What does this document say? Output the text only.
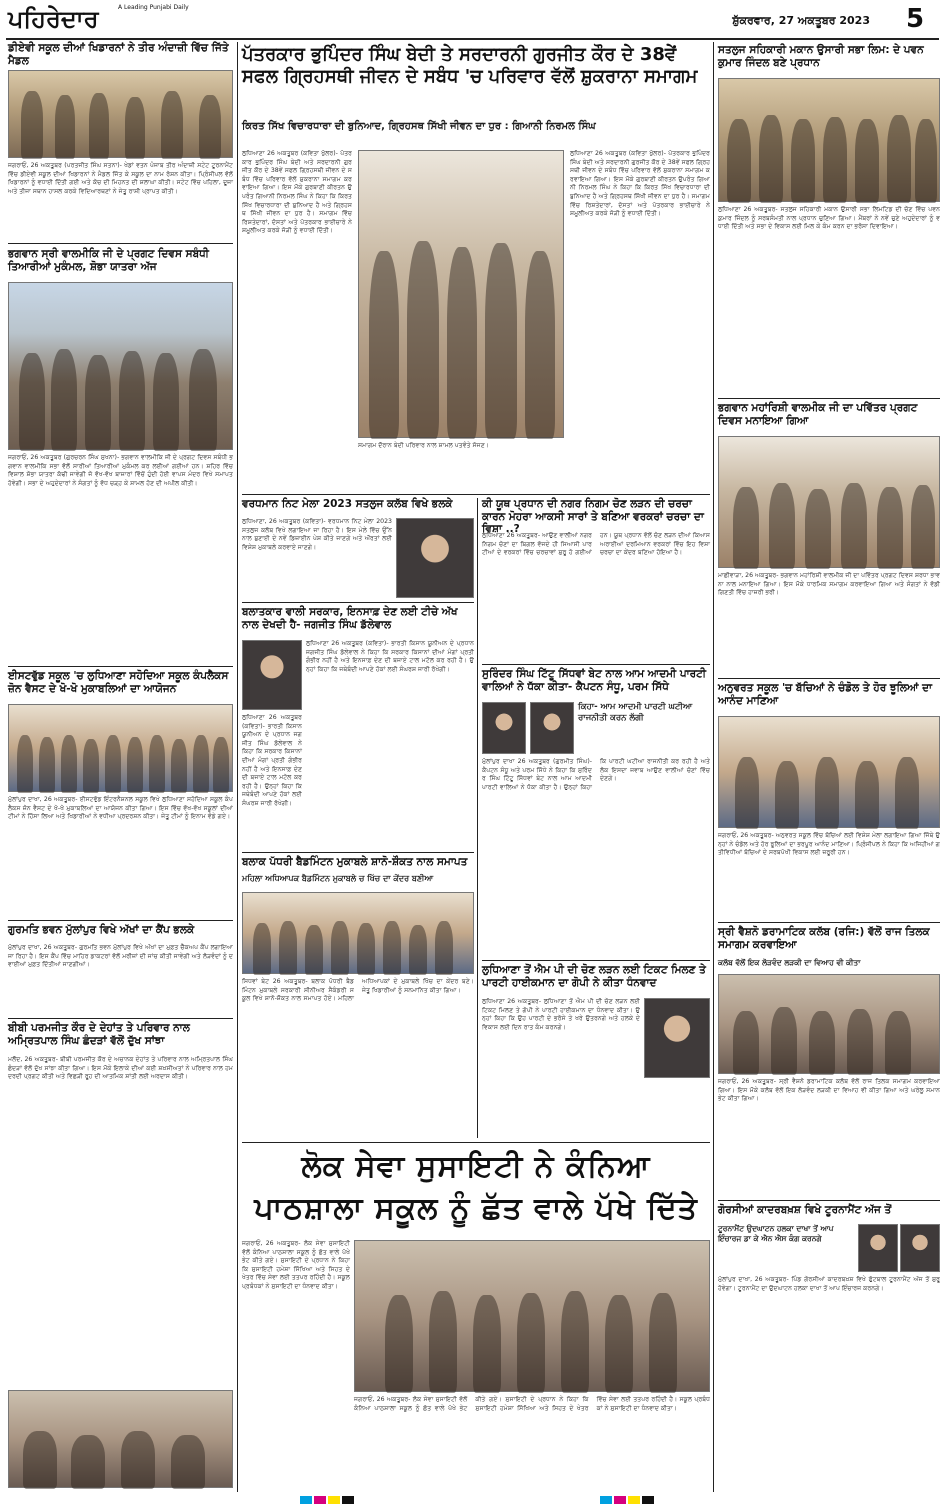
ਪਹਿਰੇਦਾਰ	A Leading Punjabi Daily
ਸ਼ੁੱਕਰਵਾਰ, 27 ਅਕਤੂਬਰ 2023	5
ਡੀਏਵੀ ਸਕੂਲ ਦੀਆਂ ਖਿਡਾਰਨਾਂ ਨੇ ਤੀਰ ਅੰਦਾਜ਼ੀ ਵਿੱਚ ਜਿੱਤੇ ਮੈਡਲ
ਜਗਰਾਓਂ, 26 ਅਕਤੂਬਰ (ਪਰਤਜੀਤ ਸਿੰਘ ਸਤਨਾ)- ਖੇਡਾਂ ਵਤਨ ਪੰਜਾਬ ਤੀਰ ਅੰਦਾਜ਼ੀ ਸਟੇਟ ਟੂਰਨਾਮੈਂਟ ਵਿੱਚ ਡੀਏਵੀ ਸਕੂਲ ਦੀਆਂ ਖਿਡਾਰਨਾਂ ਨੇ ਮੈਡਲ ਜਿੱਤ ਕੇ ਸਕੂਲ ਦਾ ਨਾਮ ਰੋਸ਼ਨ ਕੀਤਾ। ਪ੍ਰਿੰਸੀਪਲ ਵੱਲੋਂ ਖਿਡਾਰਨਾਂ ਨੂੰ ਵਧਾਈ ਦਿੱਤੀ ਗਈ ਅਤੇ ਕੋਚ ਦੀ ਮਿਹਨਤ ਦੀ ਸ਼ਲਾਘਾ ਕੀਤੀ। ਸਟੇਟ ਵਿੱਚ ਪਹਿਲਾ, ਦੂਜਾ ਅਤੇ ਤੀਜਾ ਸਥਾਨ ਹਾਸਲ ਕਰਕੇ ਵਿਦਿਆਰਥਣਾਂ ਨੇ ਜੇਤੂ ਰਾਸ਼ੀ ਪ੍ਰਾਪਤ ਕੀਤੀ।
ਭਗਵਾਨ ਸ੍ਰੀ ਵਾਲਮੀਕਿ ਜੀ ਦੇ ਪ੍ਰਗਟ ਦਿਵਸ ਸਬੰਧੀ ਤਿਆਰੀਆਂ ਮੁਕੰਮਲ, ਸ਼ੋਭਾ ਯਾਤਰਾ ਅੱਜ
ਜਗਰਾਓਂ, 26 ਅਕਤੂਬਰ (ਗੁਰਚਰਨ ਸਿੰਘ ਸੁਖਨਾ)- ਭਗਵਾਨ ਵਾਲਮੀਕਿ ਜੀ ਦੇ ਪ੍ਰਗਟ ਦਿਵਸ ਸਬੰਧੀ ਭਗਵਾਨ ਵਾਲਮੀਕਿ ਸਭਾ ਵੱਲੋਂ ਸਾਰੀਆਂ ਤਿਆਰੀਆਂ ਮੁਕੰਮਲ ਕਰ ਲਈਆਂ ਗਈਆਂ ਹਨ। ਸ਼ਹਿਰ ਵਿੱਚ ਵਿਸ਼ਾਲ ਸ਼ੋਭਾ ਯਾਤਰਾ ਕੱਢੀ ਜਾਵੇਗੀ ਜੋ ਵੱਖ-ਵੱਖ ਬਾਜ਼ਾਰਾਂ ਵਿੱਚੋਂ ਹੁੰਦੀ ਹੋਈ ਵਾਪਸ ਮੰਦਰ ਵਿਖੇ ਸਮਾਪਤ ਹੋਵੇਗੀ। ਸਭਾ ਦੇ ਅਹੁਦੇਦਾਰਾਂ ਨੇ ਸੰਗਤਾਂ ਨੂੰ ਵੱਧ ਚੜ੍ਹ ਕੇ ਸ਼ਾਮਲ ਹੋਣ ਦੀ ਅਪੀਲ ਕੀਤੀ।
ਈਸਟਵੁੱਡ ਸਕੂਲ 'ਚ ਲੁਧਿਆਣਾ ਸਹੋਦਿਆ ਸਕੂਲ ਕੰਪਲੈਕਸ ਜ਼ੋਨ ਵੈਸਟ ਦੇ ਖੋ-ਖੋ ਮੁਕਾਬਲਿਆਂ ਦਾ ਆਯੋਜਨ
ਮੁੱਲਾਂਪੁਰ ਦਾਖਾ, 26 ਅਕਤੂਬਰ- ਈਸਟਵੁੱਡ ਇੰਟਰਨੈਸ਼ਨਲ ਸਕੂਲ ਵਿਖੇ ਲੁਧਿਆਣਾ ਸਹੋਦਿਆ ਸਕੂਲ ਕੰਪਲੈਕਸ ਜ਼ੋਨ ਵੈਸਟ ਦੇ ਖੋ-ਖੋ ਮੁਕਾਬਲਿਆਂ ਦਾ ਆਯੋਜਨ ਕੀਤਾ ਗਿਆ। ਇਸ ਵਿੱਚ ਵੱਖ-ਵੱਖ ਸਕੂਲਾਂ ਦੀਆਂ ਟੀਮਾਂ ਨੇ ਹਿੱਸਾ ਲਿਆ ਅਤੇ ਖਿਡਾਰੀਆਂ ਨੇ ਵਧੀਆ ਪ੍ਰਦਰਸ਼ਨ ਕੀਤਾ। ਜੇਤੂ ਟੀਮਾਂ ਨੂੰ ਇਨਾਮ ਵੰਡੇ ਗਏ।
ਗੁਰਮਤਿ ਭਵਨ ਮੁੱਲਾਂਪੁਰ ਵਿਖੇ ਅੱਖਾਂ ਦਾ ਕੈਂਪ ਭਲਕੇ
ਮੁੱਲਾਂਪੁਰ ਦਾਖਾ, 26 ਅਕਤੂਬਰ- ਗੁਰਮਤਿ ਭਵਨ ਮੁੱਲਾਂਪੁਰ ਵਿਖੇ ਅੱਖਾਂ ਦਾ ਮੁਫ਼ਤ ਚੈੱਕਅਪ ਕੈਂਪ ਲਗਾਇਆ ਜਾ ਰਿਹਾ ਹੈ। ਇਸ ਕੈਂਪ ਵਿੱਚ ਮਾਹਿਰ ਡਾਕਟਰਾਂ ਵੱਲੋਂ ਮਰੀਜ਼ਾਂ ਦੀ ਜਾਂਚ ਕੀਤੀ ਜਾਵੇਗੀ ਅਤੇ ਲੋੜਵੰਦਾਂ ਨੂੰ ਦਵਾਈਆਂ ਮੁਫ਼ਤ ਦਿੱਤੀਆਂ ਜਾਣਗੀਆਂ।
ਬੀਬੀ ਪਰਮਜੀਤ ਕੌਰ ਦੇ ਦੇਹਾਂਤ ਤੇ ਪਰਿਵਾਰ ਨਾਲ ਅਮ੍ਰਿਤਪਾਲ ਸਿੰਘ ਛੰਦੜਾਂ ਵੱਲੋਂ ਦੁੱਖ ਸਾਂਝਾ
ਮਲੌਦ, 26 ਅਕਤੂਬਰ- ਬੀਬੀ ਪਰਮਜੀਤ ਕੌਰ ਦੇ ਅਚਾਨਕ ਦੇਹਾਂਤ ਤੇ ਪਰਿਵਾਰ ਨਾਲ ਅਮ੍ਰਿਤਪਾਲ ਸਿੰਘ ਛੰਦੜਾਂ ਵੱਲੋਂ ਦੁੱਖ ਸਾਂਝਾ ਕੀਤਾ ਗਿਆ। ਇਸ ਮੌਕੇ ਇਲਾਕੇ ਦੀਆਂ ਕਈ ਸ਼ਖ਼ਸੀਅਤਾਂ ਨੇ ਪਰਿਵਾਰ ਨਾਲ ਹਮਦਰਦੀ ਪ੍ਰਗਟ ਕੀਤੀ ਅਤੇ ਵਿਛੜੀ ਰੂਹ ਦੀ ਆਤਮਿਕ ਸ਼ਾਂਤੀ ਲਈ ਅਰਦਾਸ ਕੀਤੀ।
ਪੱਤਰਕਾਰ ਭੁਪਿੰਦਰ ਸਿੰਘ ਬੇਦੀ ਤੇ ਸਰਦਾਰਨੀ ਗੁਰਜੀਤ ਕੌਰ ਦੇ 38ਵੇਂ ਸਫਲ ਗ੍ਰਿਹਸਥੀ ਜੀਵਨ ਦੇ ਸਬੰਧ 'ਚ ਪਰਿਵਾਰ ਵੱਲੋਂ ਸ਼ੁਕਰਾਨਾ ਸਮਾਗਮ
ਕਿਰਤ ਸਿੱਖ ਵਿਚਾਰਧਾਰਾ ਦੀ ਬੁਨਿਆਦ, ਗ੍ਰਿਹਸਥ ਸਿੱਖੀ ਜੀਵਨ ਦਾ ਧੁਰ : ਗਿਆਨੀ ਨਿਰਮਲ ਸਿੰਘ
ਲੁਧਿਆਣਾ 26 ਅਕਤੂਬਰ (ਕਵਿਤਾ ਖੁੱਲਰ)- ਪੱਤਰਕਾਰ ਭੁਪਿੰਦਰ ਸਿੰਘ ਬੇਦੀ ਅਤੇ ਸਰਦਾਰਨੀ ਗੁਰਜੀਤ ਕੌਰ ਦੇ 38ਵੇਂ ਸਫਲ ਗ੍ਰਿਹਸਥੀ ਜੀਵਨ ਦੇ ਸਬੰਧ ਵਿੱਚ ਪਰਿਵਾਰ ਵੱਲੋਂ ਸ਼ੁਕਰਾਨਾ ਸਮਾਗਮ ਕਰਵਾਇਆ ਗਿਆ। ਇਸ ਮੌਕੇ ਗੁਰਬਾਣੀ ਕੀਰਤਨ ਉਪਰੰਤ ਗਿਆਨੀ ਨਿਰਮਲ ਸਿੰਘ ਨੇ ਕਿਹਾ ਕਿ ਕਿਰਤ ਸਿੱਖ ਵਿਚਾਰਧਾਰਾ ਦੀ ਬੁਨਿਆਦ ਹੈ ਅਤੇ ਗ੍ਰਿਹਸਥ ਸਿੱਖੀ ਜੀਵਨ ਦਾ ਧੁਰ ਹੈ। ਸਮਾਗਮ ਵਿੱਚ ਰਿਸ਼ਤੇਦਾਰਾਂ, ਦੋਸਤਾਂ ਅਤੇ ਪੱਤਰਕਾਰ ਭਾਈਚਾਰੇ ਨੇ ਸ਼ਮੂਲੀਅਤ ਕਰਕੇ ਜੋੜੀ ਨੂੰ ਵਧਾਈ ਦਿੱਤੀ।
ਸਮਾਗਮ ਦੌਰਾਨ ਬੇਦੀ ਪਰਿਵਾਰ ਨਾਲ ਸ਼ਾਮਲ ਪਤਵੰਤੇ ਸੱਜਣ।
ਲੁਧਿਆਣਾ 26 ਅਕਤੂਬਰ (ਕਵਿਤਾ ਖੁੱਲਰ)- ਪੱਤਰਕਾਰ ਭੁਪਿੰਦਰ ਸਿੰਘ ਬੇਦੀ ਅਤੇ ਸਰਦਾਰਨੀ ਗੁਰਜੀਤ ਕੌਰ ਦੇ 38ਵੇਂ ਸਫਲ ਗ੍ਰਿਹਸਥੀ ਜੀਵਨ ਦੇ ਸਬੰਧ ਵਿੱਚ ਪਰਿਵਾਰ ਵੱਲੋਂ ਸ਼ੁਕਰਾਨਾ ਸਮਾਗਮ ਕਰਵਾਇਆ ਗਿਆ। ਇਸ ਮੌਕੇ ਗੁਰਬਾਣੀ ਕੀਰਤਨ ਉਪਰੰਤ ਗਿਆਨੀ ਨਿਰਮਲ ਸਿੰਘ ਨੇ ਕਿਹਾ ਕਿ ਕਿਰਤ ਸਿੱਖ ਵਿਚਾਰਧਾਰਾ ਦੀ ਬੁਨਿਆਦ ਹੈ ਅਤੇ ਗ੍ਰਿਹਸਥ ਸਿੱਖੀ ਜੀਵਨ ਦਾ ਧੁਰ ਹੈ। ਸਮਾਗਮ ਵਿੱਚ ਰਿਸ਼ਤੇਦਾਰਾਂ, ਦੋਸਤਾਂ ਅਤੇ ਪੱਤਰਕਾਰ ਭਾਈਚਾਰੇ ਨੇ ਸ਼ਮੂਲੀਅਤ ਕਰਕੇ ਜੋੜੀ ਨੂੰ ਵਧਾਈ ਦਿੱਤੀ।
ਵਰਧਮਾਨ ਨਿਟ ਮੇਲਾ 2023 ਸਤਲੁਜ ਕਲੱਬ ਵਿਖੇ ਭਲਕੇ
ਲੁਧਿਆਣਾ, 26 ਅਕਤੂਬਰ (ਕਵਿਤਾ)- ਵਰਧਮਾਨ ਨਿਟ ਮੇਲਾ 2023 ਸਤਲੁਜ ਕਲੱਬ ਵਿਖੇ ਲਗਾਇਆ ਜਾ ਰਿਹਾ ਹੈ। ਇਸ ਮੇਲੇ ਵਿੱਚ ਉੱਨ ਨਾਲ ਬੁਣਾਈ ਦੇ ਨਵੇਂ ਡਿਜ਼ਾਈਨ ਪੇਸ਼ ਕੀਤੇ ਜਾਣਗੇ ਅਤੇ ਔਰਤਾਂ ਲਈ ਵਿਸ਼ੇਸ਼ ਮੁਕਾਬਲੇ ਕਰਵਾਏ ਜਾਣਗੇ।
ਬਲਾਤਕਾਰ ਵਾਲੀ ਸਰਕਾਰ, ਇਨਸਾਫ਼ ਦੇਣ ਲਈ ਟੀਚੇ ਅੱਖ ਨਾਲ ਦੇਖਦੀ ਹੈ- ਜਗਜੀਤ ਸਿੰਘ ਡੱਲੇਵਾਲ
ਲੁਧਿਆਣਾ 26 ਅਕਤੂਬਰ (ਕਵਿਤਾ)- ਭਾਰਤੀ ਕਿਸਾਨ ਯੂਨੀਅਨ ਦੇ ਪ੍ਰਧਾਨ ਜਗਜੀਤ ਸਿੰਘ ਡੱਲੇਵਾਲ ਨੇ ਕਿਹਾ ਕਿ ਸਰਕਾਰ ਕਿਸਾਨਾਂ ਦੀਆਂ ਮੰਗਾਂ ਪ੍ਰਤੀ ਗੰਭੀਰ ਨਹੀਂ ਹੈ ਅਤੇ ਇਨਸਾਫ਼ ਦੇਣ ਦੀ ਬਜਾਏ ਟਾਲ ਮਟੋਲ ਕਰ ਰਹੀ ਹੈ। ਉਨ੍ਹਾਂ ਕਿਹਾ ਕਿ ਜਥੇਬੰਦੀ ਆਪਣੇ ਹੱਕਾਂ ਲਈ ਸੰਘਰਸ਼ ਜਾਰੀ ਰੱਖੇਗੀ।
ਲੁਧਿਆਣਾ 26 ਅਕਤੂਬਰ (ਕਵਿਤਾ)- ਭਾਰਤੀ ਕਿਸਾਨ ਯੂਨੀਅਨ ਦੇ ਪ੍ਰਧਾਨ ਜਗਜੀਤ ਸਿੰਘ ਡੱਲੇਵਾਲ ਨੇ ਕਿਹਾ ਕਿ ਸਰਕਾਰ ਕਿਸਾਨਾਂ ਦੀਆਂ ਮੰਗਾਂ ਪ੍ਰਤੀ ਗੰਭੀਰ ਨਹੀਂ ਹੈ ਅਤੇ ਇਨਸਾਫ਼ ਦੇਣ ਦੀ ਬਜਾਏ ਟਾਲ ਮਟੋਲ ਕਰ ਰਹੀ ਹੈ। ਉਨ੍ਹਾਂ ਕਿਹਾ ਕਿ ਜਥੇਬੰਦੀ ਆਪਣੇ ਹੱਕਾਂ ਲਈ ਸੰਘਰਸ਼ ਜਾਰੀ ਰੱਖੇਗੀ।
ਬਲਾਕ ਪੱਧਰੀ ਬੈਡਮਿੰਟਨ ਮੁਕਾਬਲੇ ਸ਼ਾਨੋ-ਸ਼ੌਕਤ ਨਾਲ ਸਮਾਪਤ
ਮਹਿਲਾ ਅਧਿਆਪਕ ਬੈਡਮਿੰਟਨ ਮੁਕਾਬਲੇ ਚ ਖਿੱਚ ਦਾ ਕੇਂਦਰ ਬਣੀਆ
ਸਿਧਵਾਂ ਬੇਟ 26 ਅਕਤੂਬਰ- ਬਲਾਕ ਪੱਧਰੀ ਬੈਡਮਿੰਟਨ ਮੁਕਾਬਲੇ ਸਰਕਾਰੀ ਸੀਨੀਅਰ ਸੈਕੰਡਰੀ ਸਕੂਲ ਵਿਖੇ ਸ਼ਾਨੋ-ਸ਼ੌਕਤ ਨਾਲ ਸਮਾਪਤ ਹੋਏ। ਮਹਿਲਾ ਅਧਿਆਪਕਾਂ ਦੇ ਮੁਕਾਬਲੇ ਖਿੱਚ ਦਾ ਕੇਂਦਰ ਬਣੇ। ਜੇਤੂ ਖਿਡਾਰੀਆਂ ਨੂੰ ਸਨਮਾਨਿਤ ਕੀਤਾ ਗਿਆ।
ਕੀ ਯੂਥ ਪ੍ਰਧਾਨ ਦੀ ਨਗਰ ਨਿਗਮ ਚੋਣ ਲੜਨ ਦੀ ਚਰਚਾ ਕਾਰਨ ਮੋਹਰਾ ਆਕਸੀ ਸਾਰਾਂ ਤੇ ਬਣਿਆ ਵਰਕਰਾਂ ਚਰਚਾ ਦਾ ਵਿਸ਼ਾ ..?
ਲੁਧਿਆਣਾ 26 ਅਕਤੂਬਰ- ਆਉਣ ਵਾਲੀਆਂ ਨਗਰ ਨਿਗਮ ਚੋਣਾਂ ਦਾ ਬਿਗਲ ਵੱਜਦੇ ਹੀ ਸਿਆਸੀ ਪਾਰਟੀਆਂ ਦੇ ਵਰਕਰਾਂ ਵਿੱਚ ਚਰਚਾਵਾਂ ਸ਼ੁਰੂ ਹੋ ਗਈਆਂ ਹਨ। ਯੂਥ ਪ੍ਰਧਾਨ ਵੱਲੋਂ ਚੋਣ ਲੜਨ ਦੀਆਂ ਕਿਆਸਅਰਾਈਆਂ ਦਰਮਿਆਨ ਵਰਕਰਾਂ ਵਿੱਚ ਇਹ ਵਿਸ਼ਾ ਚਰਚਾ ਦਾ ਕੇਂਦਰ ਬਣਿਆ ਹੋਇਆ ਹੈ।
ਸੁਰਿੰਦਰ ਸਿੰਘ ਟਿੱਟੂ ਸਿੱਧਵਾਂ ਬੇਟ ਨਾਲ ਆਮ ਆਦਮੀ ਪਾਰਟੀ ਵਾਲਿਆਂ ਨੇ ਧੱਕਾ ਕੀਤਾ- ਕੈਪਟਨ ਸੰਧੂ, ਪਰਮ ਸਿੱਧੇ
ਕਿਹਾ- ਆਮ ਆਦਮੀ ਪਾਰਟੀ ਘਟੀਆ ਰਾਜਨੀਤੀ ਕਰਨ ਲੱਗੀ
ਮੁੱਲਾਂਪੁਰ ਦਾਖਾ 26 ਅਕਤੂਬਰ (ਗੁਰਮੀਤ ਸਿੰਘ)- ਕੈਪਟਨ ਸੰਧੂ ਅਤੇ ਪਰਮ ਸਿੱਧੇ ਨੇ ਕਿਹਾ ਕਿ ਸੁਰਿੰਦਰ ਸਿੰਘ ਟਿੱਟੂ ਸਿੱਧਵਾਂ ਬੇਟ ਨਾਲ ਆਮ ਆਦਮੀ ਪਾਰਟੀ ਵਾਲਿਆਂ ਨੇ ਧੱਕਾ ਕੀਤਾ ਹੈ। ਉਨ੍ਹਾਂ ਕਿਹਾ ਕਿ ਪਾਰਟੀ ਘਟੀਆ ਰਾਜਨੀਤੀ ਕਰ ਰਹੀ ਹੈ ਅਤੇ ਲੋਕ ਇਸਦਾ ਜਵਾਬ ਆਉਣ ਵਾਲੀਆਂ ਚੋਣਾਂ ਵਿੱਚ ਦੇਣਗੇ।
ਲੁਧਿਆਣਾ ਤੋਂ ਐਮ ਪੀ ਦੀ ਚੋਣ ਲੜਨ ਲਈ ਟਿਕਟ ਮਿਲਣ ਤੇ ਪਾਰਟੀ ਹਾਈਕਮਾਨ ਦਾ ਗੋਪੀ ਨੇ ਕੀਤਾ ਧੰਨਵਾਦ
ਲੁਧਿਆਣਾ 26 ਅਕਤੂਬਰ- ਲੁਧਿਆਣਾ ਤੋਂ ਐਮ ਪੀ ਦੀ ਚੋਣ ਲੜਨ ਲਈ ਟਿਕਟ ਮਿਲਣ ਤੇ ਗੋਪੀ ਨੇ ਪਾਰਟੀ ਹਾਈਕਮਾਨ ਦਾ ਧੰਨਵਾਦ ਕੀਤਾ। ਉਨ੍ਹਾਂ ਕਿਹਾ ਕਿ ਉਹ ਪਾਰਟੀ ਦੇ ਭਰੋਸੇ ਤੇ ਖਰੇ ਉਤਰਨਗੇ ਅਤੇ ਹਲਕੇ ਦੇ ਵਿਕਾਸ ਲਈ ਦਿਨ ਰਾਤ ਕੰਮ ਕਰਨਗੇ।
ਲੋਕ ਸੇਵਾ ਸੁਸਾਇਟੀ ਨੇ ਕੰਨਿਆ ਪਾਠਸ਼ਾਲਾ ਸਕੂਲ ਨੂੰ ਛੱਤ ਵਾਲੇ ਪੱਖੇ ਦਿੱਤੇ
ਜਗਰਾਓਂ, 26 ਅਕਤੂਬਰ- ਲੋਕ ਸੇਵਾ ਸੁਸਾਇਟੀ ਵੱਲੋਂ ਕੰਨਿਆ ਪਾਠਸ਼ਾਲਾ ਸਕੂਲ ਨੂੰ ਛੱਤ ਵਾਲੇ ਪੱਖੇ ਭੇਟ ਕੀਤੇ ਗਏ। ਸੁਸਾਇਟੀ ਦੇ ਪ੍ਰਧਾਨ ਨੇ ਕਿਹਾ ਕਿ ਸੁਸਾਇਟੀ ਹਮੇਸ਼ਾ ਸਿੱਖਿਆ ਅਤੇ ਸਿਹਤ ਦੇ ਖੇਤਰ ਵਿੱਚ ਸੇਵਾ ਲਈ ਤਤਪਰ ਰਹਿੰਦੀ ਹੈ। ਸਕੂਲ ਪ੍ਰਬੰਧਕਾਂ ਨੇ ਸੁਸਾਇਟੀ ਦਾ ਧੰਨਵਾਦ ਕੀਤਾ।
ਜਗਰਾਓਂ, 26 ਅਕਤੂਬਰ- ਲੋਕ ਸੇਵਾ ਸੁਸਾਇਟੀ ਵੱਲੋਂ ਕੰਨਿਆ ਪਾਠਸ਼ਾਲਾ ਸਕੂਲ ਨੂੰ ਛੱਤ ਵਾਲੇ ਪੱਖੇ ਭੇਟ ਕੀਤੇ ਗਏ। ਸੁਸਾਇਟੀ ਦੇ ਪ੍ਰਧਾਨ ਨੇ ਕਿਹਾ ਕਿ ਸੁਸਾਇਟੀ ਹਮੇਸ਼ਾ ਸਿੱਖਿਆ ਅਤੇ ਸਿਹਤ ਦੇ ਖੇਤਰ ਵਿੱਚ ਸੇਵਾ ਲਈ ਤਤਪਰ ਰਹਿੰਦੀ ਹੈ। ਸਕੂਲ ਪ੍ਰਬੰਧਕਾਂ ਨੇ ਸੁਸਾਇਟੀ ਦਾ ਧੰਨਵਾਦ ਕੀਤਾ।
ਸਤਲੁਜ ਸਹਿਕਾਰੀ ਮਕਾਨ ਉਸਾਰੀ ਸਭਾ ਲਿਮ: ਦੇ ਪਵਨ ਕੁਮਾਰ ਜਿੰਦਲ ਬਣੇ ਪ੍ਰਧਾਨ
ਲੁਧਿਆਣਾ 26 ਅਕਤੂਬਰ- ਸਤਲੁਜ ਸਹਿਕਾਰੀ ਮਕਾਨ ਉਸਾਰੀ ਸਭਾ ਲਿਮਟਿਡ ਦੀ ਚੋਣ ਵਿੱਚ ਪਵਨ ਕੁਮਾਰ ਜਿੰਦਲ ਨੂੰ ਸਰਬਸੰਮਤੀ ਨਾਲ ਪ੍ਰਧਾਨ ਚੁਣਿਆ ਗਿਆ। ਮੈਂਬਰਾਂ ਨੇ ਨਵੇਂ ਚੁਣੇ ਅਹੁਦੇਦਾਰਾਂ ਨੂੰ ਵਧਾਈ ਦਿੱਤੀ ਅਤੇ ਸਭਾ ਦੇ ਵਿਕਾਸ ਲਈ ਮਿਲ ਕੇ ਕੰਮ ਕਰਨ ਦਾ ਭਰੋਸਾ ਦਿਵਾਇਆ।
ਭਗਵਾਨ ਮਹਾਂਰਿਸ਼ੀ ਵਾਲਮੀਕ ਜੀ ਦਾ ਪਵਿੱਤਰ ਪ੍ਰਗਟ ਦਿਵਸ ਮਨਾਇਆ ਗਿਆ
ਮਾਛੀਵਾੜਾ, 26 ਅਕਤੂਬਰ- ਭਗਵਾਨ ਮਹਾਂਰਿਸ਼ੀ ਵਾਲਮੀਕ ਜੀ ਦਾ ਪਵਿੱਤਰ ਪ੍ਰਗਟ ਦਿਵਸ ਸ਼ਰਧਾ ਭਾਵਨਾ ਨਾਲ ਮਨਾਇਆ ਗਿਆ। ਇਸ ਮੌਕੇ ਧਾਰਮਿਕ ਸਮਾਗਮ ਕਰਵਾਇਆ ਗਿਆ ਅਤੇ ਸੰਗਤਾਂ ਨੇ ਵੱਡੀ ਗਿਣਤੀ ਵਿੱਚ ਹਾਜ਼ਰੀ ਭਰੀ।
ਅਨੁਵਰਤ ਸਕੂਲ 'ਚ ਬੱਚਿਆਂ ਨੇ ਚੰਡੋਲ ਤੇ ਹੋਰ ਝੂਲਿਆਂ ਦਾ ਆਨੰਦ ਮਾਣਿਆ
ਜਗਰਾਓਂ, 26 ਅਕਤੂਬਰ- ਅਨੁਵਰਤ ਸਕੂਲ ਵਿੱਚ ਬੱਚਿਆਂ ਲਈ ਵਿਸ਼ੇਸ਼ ਮੇਲਾ ਲਗਾਇਆ ਗਿਆ ਜਿੱਥੇ ਉਨ੍ਹਾਂ ਨੇ ਚੰਡੋਲ ਅਤੇ ਹੋਰ ਝੂਲਿਆਂ ਦਾ ਭਰਪੂਰ ਆਨੰਦ ਮਾਣਿਆ। ਪ੍ਰਿੰਸੀਪਲ ਨੇ ਕਿਹਾ ਕਿ ਅਜਿਹੀਆਂ ਗਤੀਵਿਧੀਆਂ ਬੱਚਿਆਂ ਦੇ ਸਰਬਪੱਖੀ ਵਿਕਾਸ ਲਈ ਜ਼ਰੂਰੀ ਹਨ।
ਸ੍ਰੀ ਵੈਸ਼ਨੋ ਡਰਾਮਾਟਿਕ ਕਲੱਬ (ਰਜਿ:) ਵੱਲੋਂ ਰਾਜ ਤਿਲਕ ਸਮਾਗਮ ਕਰਵਾਇਆ
ਕਲੱਬ ਵੱਲੋਂ ਇਕ ਲੋੜਵੰਦ ਲੜਕੀ ਦਾ ਵਿਆਹ ਵੀ ਕੀਤਾ
ਜਗਰਾਓਂ, 26 ਅਕਤੂਬਰ- ਸ੍ਰੀ ਵੈਸ਼ਨੋ ਡਰਾਮਾਟਿਕ ਕਲੱਬ ਵੱਲੋਂ ਰਾਜ ਤਿਲਕ ਸਮਾਗਮ ਕਰਵਾਇਆ ਗਿਆ। ਇਸ ਮੌਕੇ ਕਲੱਬ ਵੱਲੋਂ ਇਕ ਲੋੜਵੰਦ ਲੜਕੀ ਦਾ ਵਿਆਹ ਵੀ ਕੀਤਾ ਗਿਆ ਅਤੇ ਘਰੇਲੂ ਸਮਾਨ ਭੇਟ ਕੀਤਾ ਗਿਆ।
ਗੋਰਸੀਆਂ ਕਾਦਰਬਖ਼ਸ਼ ਵਿਖੇ ਟੂਰਨਾਮੈਂਟ ਅੱਜ ਤੋਂ
ਟੂਰਨਾਮੈਂਟ ਉਦਘਾਟਨ ਹਲਕਾ ਦਾਖਾ ਤੋਂ ਆਪ ਇੰਚਾਰਜ ਡਾ ਕੇ ਐਨ ਐਸ ਕੰਗ ਕਰਨਗੇ
ਮੁੱਲਾਂਪੁਰ ਦਾਖਾ, 26 ਅਕਤੂਬਰ- ਪਿੰਡ ਗੋਰਸੀਆਂ ਕਾਦਰਬਖ਼ਸ਼ ਵਿਖੇ ਫੁੱਟਬਾਲ ਟੂਰਨਾਮੈਂਟ ਅੱਜ ਤੋਂ ਸ਼ੁਰੂ ਹੋਵੇਗਾ। ਟੂਰਨਾਮੈਂਟ ਦਾ ਉਦਘਾਟਨ ਹਲਕਾ ਦਾਖਾ ਤੋਂ ਆਪ ਇੰਚਾਰਜ ਕਰਨਗੇ।
